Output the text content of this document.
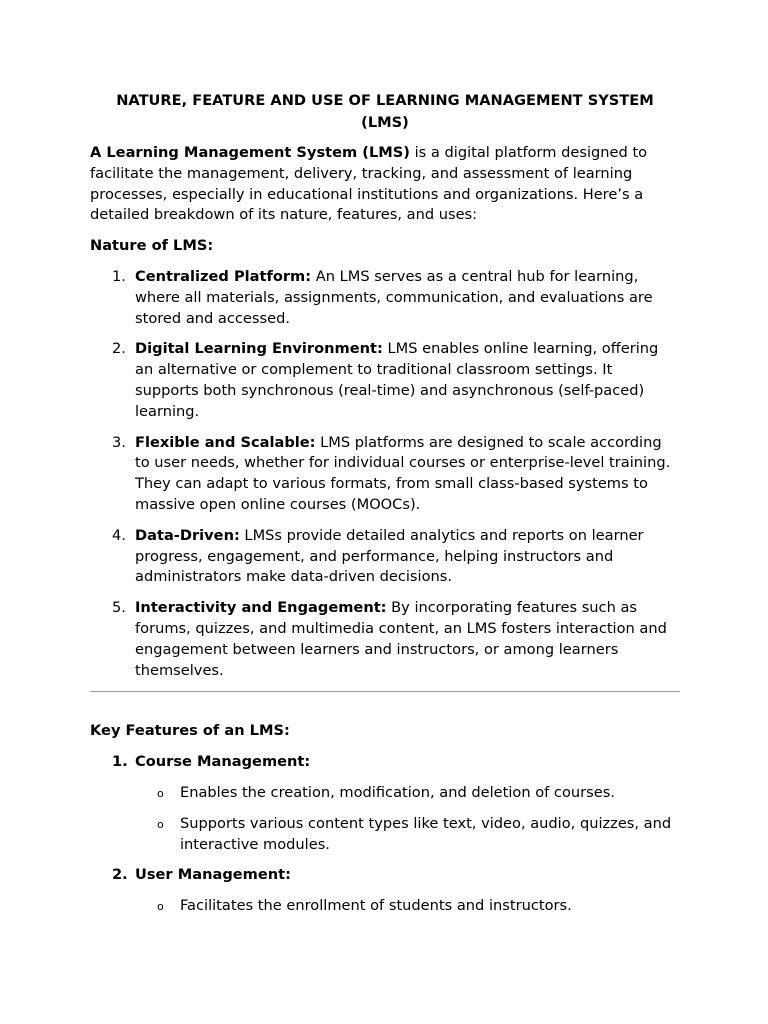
NATURE, FEATURE AND USE OF LEARNING MANAGEMENT SYSTEM (LMS)

A Learning Management System (LMS) is a digital platform designed to facilitate the management, delivery, tracking, and assessment of learning processes, especially in educational institutions and organizations. Here’s a detailed breakdown of its nature, features, and uses:

Nature of LMS:

1. Centralized Platform: An LMS serves as a central hub for learning, where all materials, assignments, communication, and evaluations are stored and accessed.
2. Digital Learning Environment: LMS enables online learning, offering an alternative or complement to traditional classroom settings. It supports both synchronous (real-time) and asynchronous (self-paced) learning.
3. Flexible and Scalable: LMS platforms are designed to scale according to user needs, whether for individual courses or enterprise-level training. They can adapt to various formats, from small class-based systems to massive open online courses (MOOCs).
4. Data-Driven: LMSs provide detailed analytics and reports on learner progress, engagement, and performance, helping instructors and administrators make data-driven decisions.
5. Interactivity and Engagement: By incorporating features such as forums, quizzes, and multimedia content, an LMS fosters interaction and engagement between learners and instructors, or among learners themselves.

Key Features of an LMS:

1. Course Management:
o Enables the creation, modification, and deletion of courses.
o Supports various content types like text, video, audio, quizzes, and interactive modules.
2. User Management:
o Facilitates the enrollment of students and instructors.
